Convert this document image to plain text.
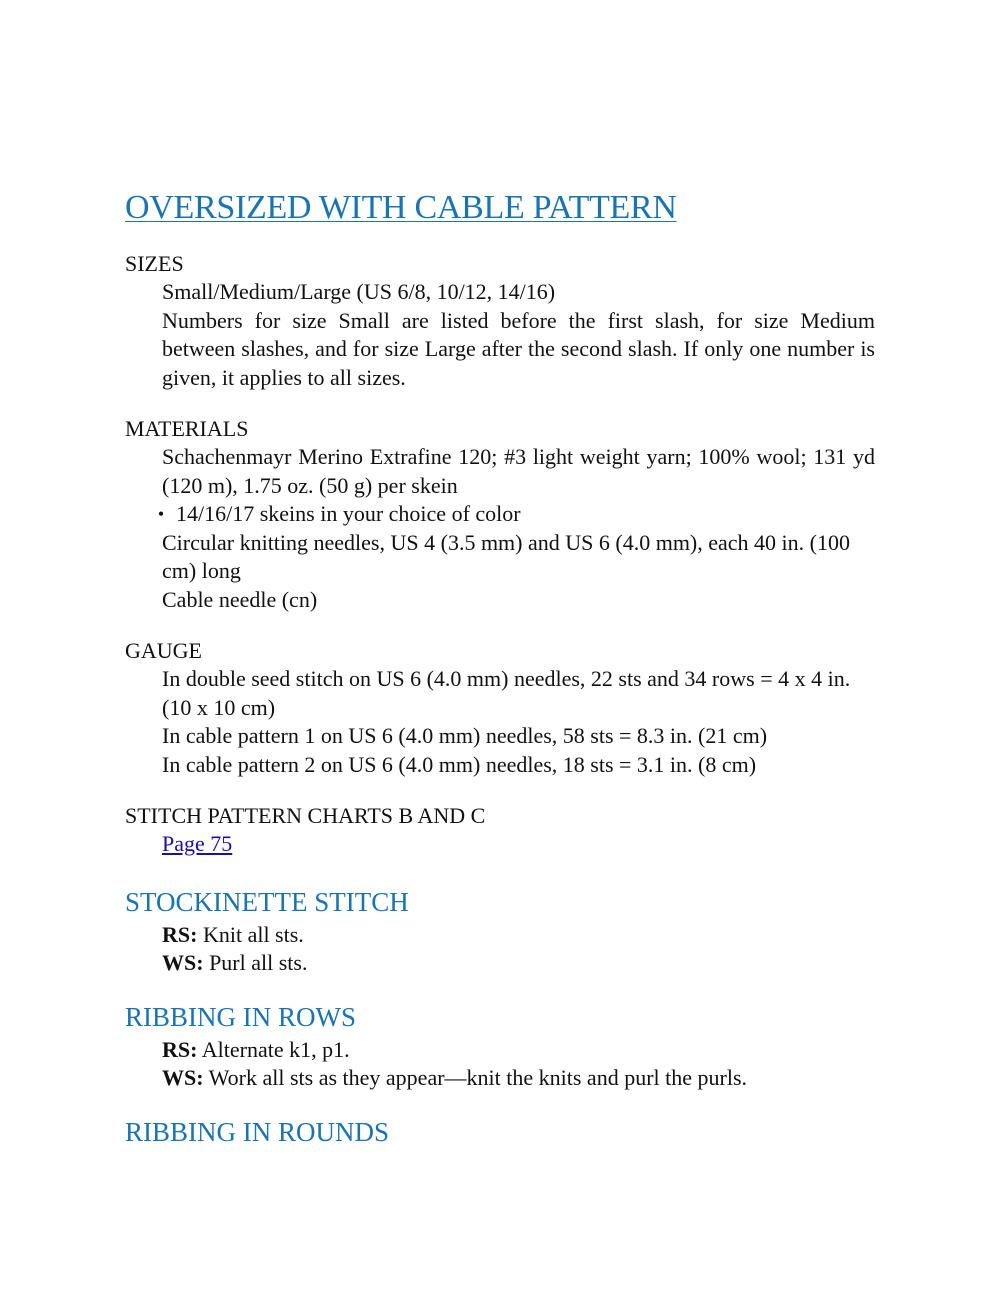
OVERSIZED WITH CABLE PATTERN
SIZES
Small/Medium/Large (US 6/8, 10/12, 14/16)
Numbers for size Small are listed before the first slash, for size Medium between slashes, and for size Large after the second slash. If only one number is given, it applies to all sizes.
MATERIALS
Schachenmayr Merino Extrafine 120; #3 light weight yarn; 100% wool; 131 yd (120 m), 1.75 oz. (50 g) per skein
• 14/16/17 skeins in your choice of color
Circular knitting needles, US 4 (3.5 mm) and US 6 (4.0 mm), each 40 in. (100 cm) long
Cable needle (cn)
GAUGE
In double seed stitch on US 6 (4.0 mm) needles, 22 sts and 34 rows = 4 x 4 in. (10 x 10 cm)
In cable pattern 1 on US 6 (4.0 mm) needles, 58 sts = 8.3 in. (21 cm)
In cable pattern 2 on US 6 (4.0 mm) needles, 18 sts = 3.1 in. (8 cm)
STITCH PATTERN CHARTS B AND C
Page 75
STOCKINETTE STITCH
RS: Knit all sts.
WS: Purl all sts.
RIBBING IN ROWS
RS: Alternate k1, p1.
WS: Work all sts as they appear—knit the knits and purl the purls.
RIBBING IN ROUNDS
